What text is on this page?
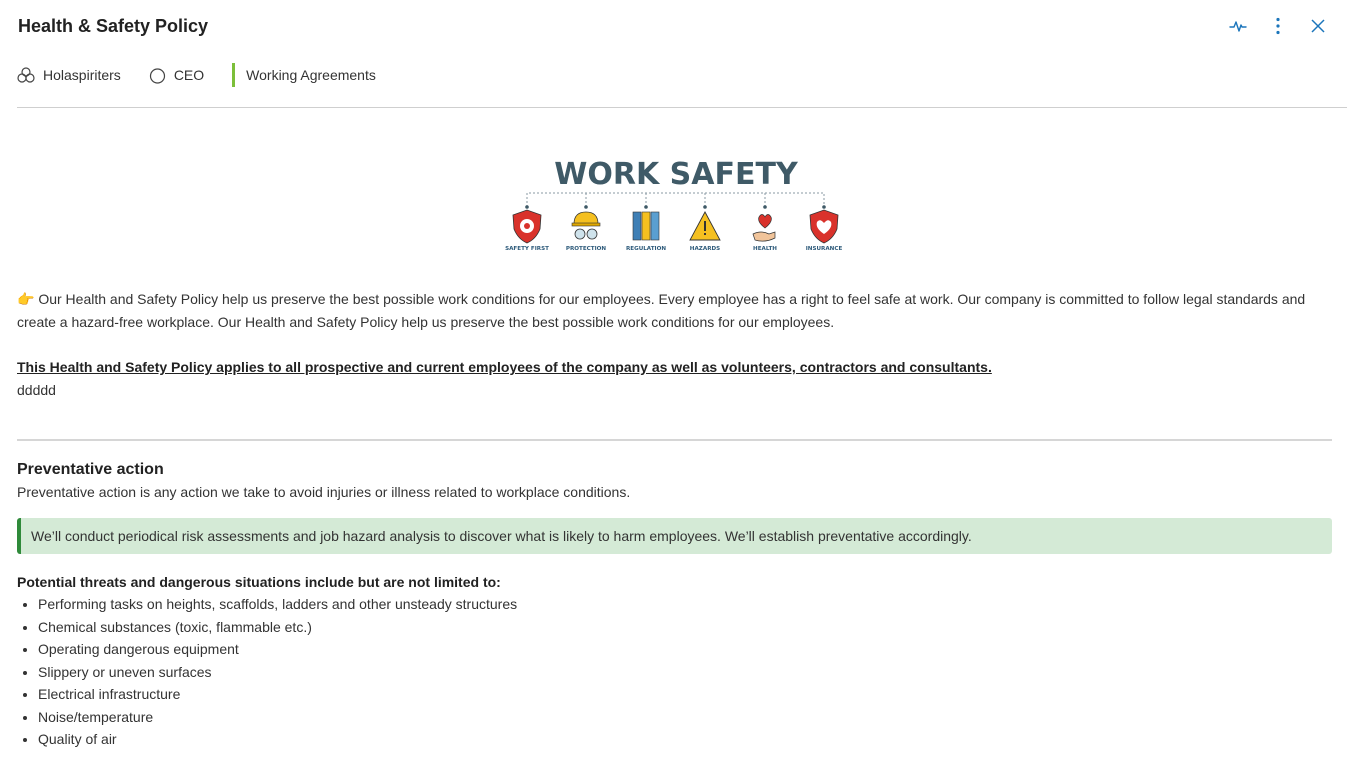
Health & Safety Policy
Holaspiriters	CEO	Working Agreements
WORK SAFETY
SAFETY FIRST	PROTECTION	REGULATION	HAZARDS	HEALTH	INSURANCE

👉 Our Health and Safety Policy help us preserve the best possible work conditions for our employees. Every employee has a right to feel safe at work. Our company is committed to follow legal standards and create a hazard-free workplace. Our Health and Safety Policy help us preserve the best possible work conditions for our employees.

This Health and Safety Policy applies to all prospective and current employees of the company as well as volunteers, contractors and consultants.
ddddd
Preventative action
Preventative action is any action we take to avoid injuries or illness related to workplace conditions.
We’ll conduct periodical risk assessments and job hazard analysis to discover what is likely to harm employees. We’ll establish preventative accordingly.
Potential threats and dangerous situations include but are not limited to:
• Performing tasks on heights, scaffolds, ladders and other unsteady structures
• Chemical substances (toxic, flammable etc.)
• Operating dangerous equipment
• Slippery or uneven surfaces
• Electrical infrastructure
• Noise/temperature
• Quality of air
